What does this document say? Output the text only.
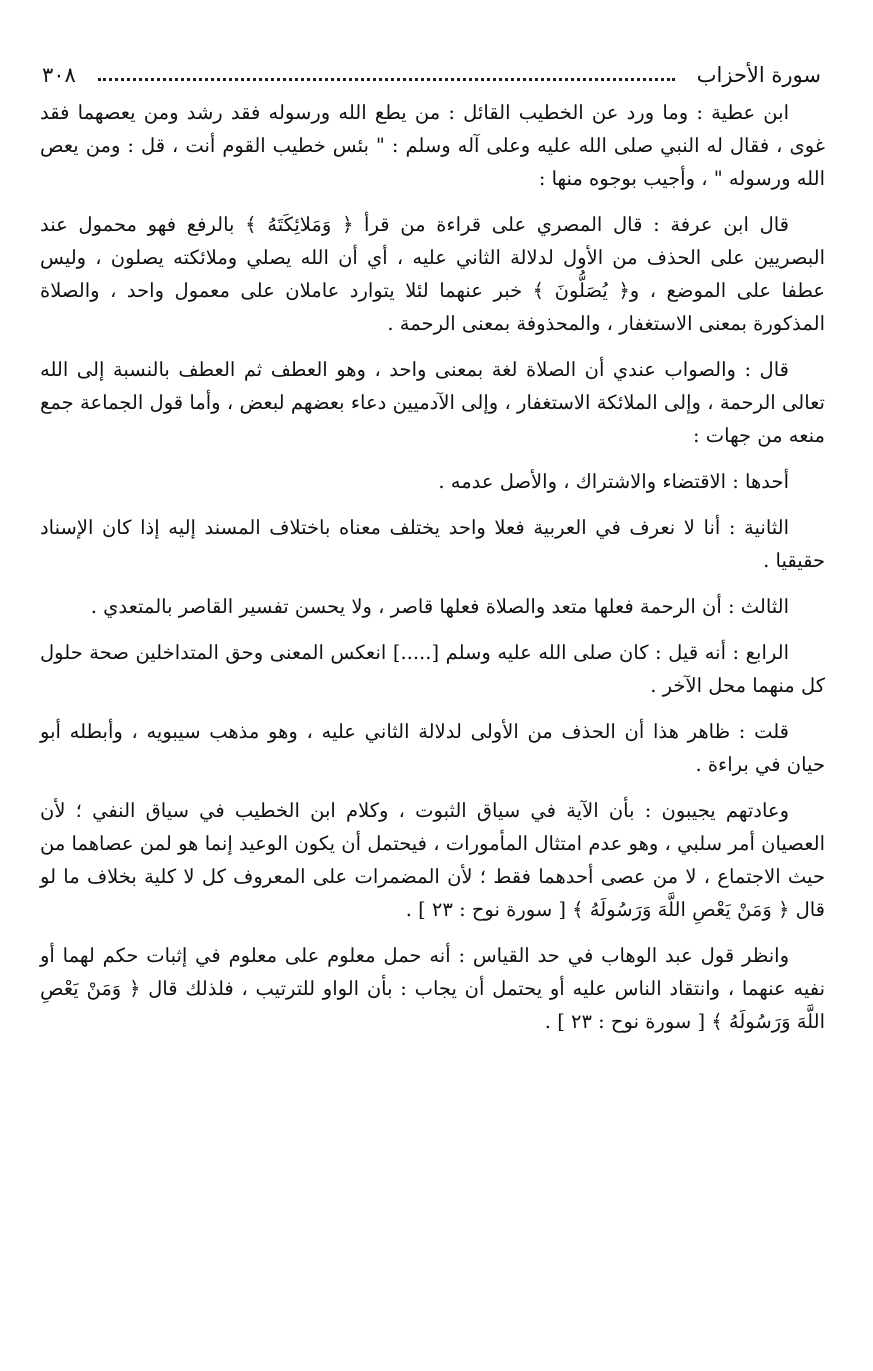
سورة الأحزاب
٣٠٨

ابن عطية : وما ورد عن الخطيب القائل : من يطع الله ورسوله فقد رشد ومن يعصهما فقد غوى ، فقال له النبي صلى الله عليه وعلى آله وسلم : " بئس خطيب القوم أنت ، قل : ومن يعص الله ورسوله " ، وأجيب بوجوه منها :

قال ابن عرفة : قال المصري على قراءة من قرأ ﴿ وَمَلائِكَتَهُ ﴾ بالرفع فهو محمول عند البصريين على الحذف من الأول لدلالة الثاني عليه ، أي أن الله يصلي وملائكته يصلون ، وليس عطفا على الموضع ، و﴿ يُصَلُّونَ ﴾ خبر عنهما لئلا يتوارد عاملان على معمول واحد ، والصلاة المذكورة بمعنى الاستغفار ، والمحذوفة بمعنى الرحمة .

قال : والصواب عندي أن الصلاة لغة بمعنى واحد ، وهو العطف ثم العطف بالنسبة إلى الله تعالى الرحمة ، وإلى الملائكة الاستغفار ، وإلى الآدميين دعاء بعضهم لبعض ، وأما قول الجماعة جمع منعه من جهات :

أحدها : الاقتضاء والاشتراك ، والأصل عدمه .

الثانية : أنا لا نعرف في العربية فعلا واحد يختلف معناه باختلاف المسند إليه إذا كان الإسناد حقيقيا .

الثالث : أن الرحمة فعلها متعد والصلاة فعلها قاصر ، ولا يحسن تفسير القاصر بالمتعدي .

الرابع : أنه قيل : كان صلى الله عليه وسلم [.....] انعكس المعنى وحق المتداخلين صحة حلول كل منهما محل الآخر .

قلت : ظاهر هذا أن الحذف من الأولى لدلالة الثاني عليه ، وهو مذهب سيبويه ، وأبطله أبو حيان في براءة .

وعادتهم يجيبون : بأن الآية في سياق الثبوت ، وكلام ابن الخطيب في سياق النفي ؛ لأن العصيان أمر سلبي ، وهو عدم امتثال المأمورات ، فيحتمل أن يكون الوعيد إنما هو لمن عصاهما من حيث الاجتماع ، لا من عصى أحدهما فقط ؛ لأن المضمرات على المعروف كل لا كلية بخلاف ما لو قال ﴿ وَمَنْ يَعْصِ اللَّهَ وَرَسُولَهُ ﴾ [ سورة نوح : ٢٣ ] .

وانظر قول عبد الوهاب في حد القياس : أنه حمل معلوم على معلوم في إثبات حكم لهما أو نفيه عنهما ، وانتقاد الناس عليه أو يحتمل أن يجاب : بأن الواو للترتيب ، فلذلك قال ﴿ وَمَنْ يَعْصِ اللَّهَ وَرَسُولَهُ ﴾ [ سورة نوح : ٢٣ ] .
